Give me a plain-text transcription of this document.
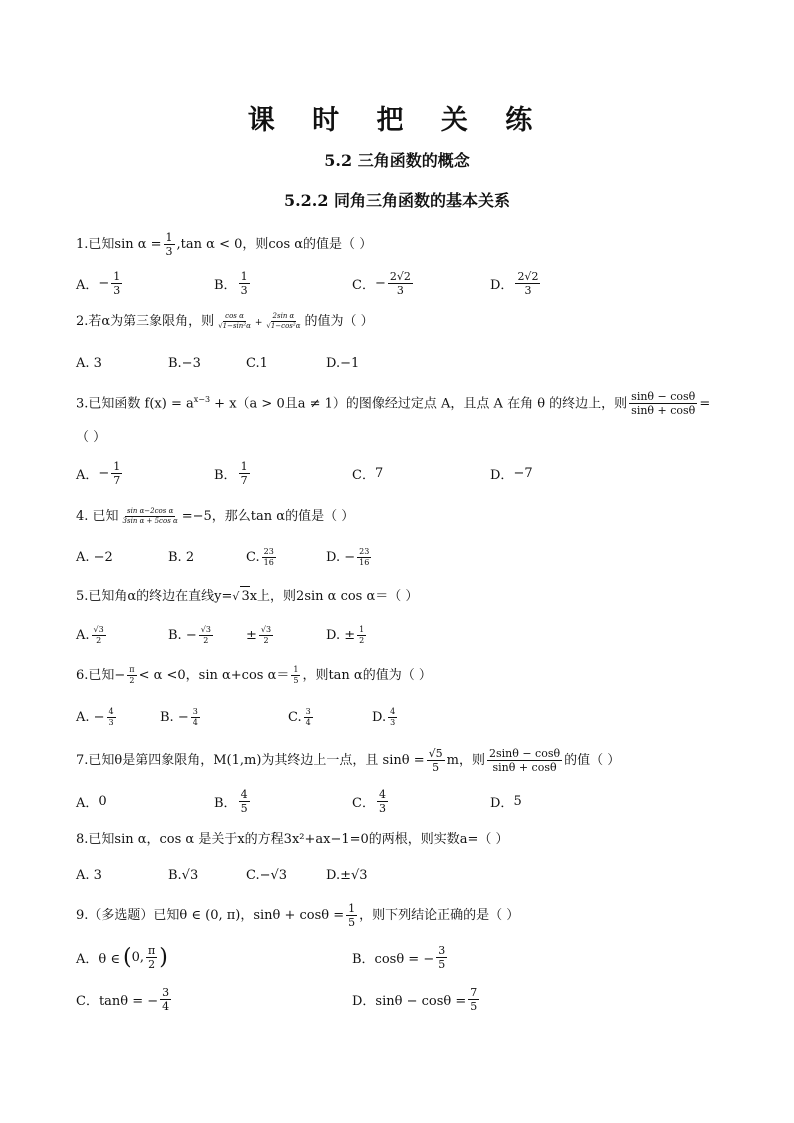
课 时 把 关 练
5.2 三角函数的概念
5.2.2 同角三角函数的基本关系
1.已知$\sin \alpha = \frac{1}{3} ,\tan$ α < 0，则cos α的值是（ ）
A． − $\frac{1}{3}$	B． $\frac{1}{3}$	C． − $\frac{2√2}{3}$	D． $\frac{2√2}{3}$
2.若α为第三象限角，则 $\frac{\text{cos α}}{\text{√1−sin²α}} + \frac{\text{2sin α}}{\text{√1−cos²α}}$ 的值为（ ）
A. 3	B.−3	C.1	D.−1
3.已知函数 $f(x) = a^{x-3} + x(a > 0$且a ≠ 1）的图像经过定点 A，且点 A 在角 θ 的终边上，则 $\frac{\sin\theta - \cos\theta}{\sin\theta + \cos\theta}$ =
（ ）
A． − $\frac{1}{7}$	B． $\frac{1}{7}$	C． 7	D． −7
4. 已知 $\frac{\text{sin α−2cos α}}{\text{3sin α + 5cos α}} =-5$，那么tan α的值是（ ）
A. −2	B. 2	C. $\frac{23}{16}$	D. − $\frac{23}{16}$
5.已知角α的终边在直线y=√ 3x上，则2sin α cos α＝（ ）
A. $\frac{√3}{2}$	B. − $\frac{√3}{2}$	± $\frac{√3}{2}$	D. ± $\frac{1}{2}$
6.已知− $\frac{\pi}{2} < \alpha <0$，sin α+cos $\alpha= \frac{1}{5}$ ，则tan α的值为（ ）
A. − $\frac{4}{3}$	B. − $\frac{3}{4}$	C. $\frac{3}{4}$	D. $\frac{4}{3}$
7.已知θ是第四象限角，M(1,m)为其终边上一点，且 $\sin\theta = \frac{√5}{5}$ m，则 $\frac{2\sin\theta - \cos\theta}{\sin\theta + \cos\theta}$ 的值（ ）
A． 0	B． $\frac{4}{5}$	C． $\frac{4}{3}$	D． 5
8.已知sin α，cos α 是关于x的方程3x²+ax−1=0的两根，则实数a=（ ）
A. 3	B.√3	C.−√3	D.±√3
9.（多选题）已知θ ∈ (0, π)，$\sin\theta + \cos\theta = \frac{1}{5}$ ，则下列结论正确的是（ ）
A．θ ∈ ( 0, $\frac{\pi}{2}$ )	B．cosθ = − $\frac{3}{5}$
C．tanθ = − $\frac{3}{4}$	D．$\sin\theta - \cos\theta = \frac{7}{5}$
